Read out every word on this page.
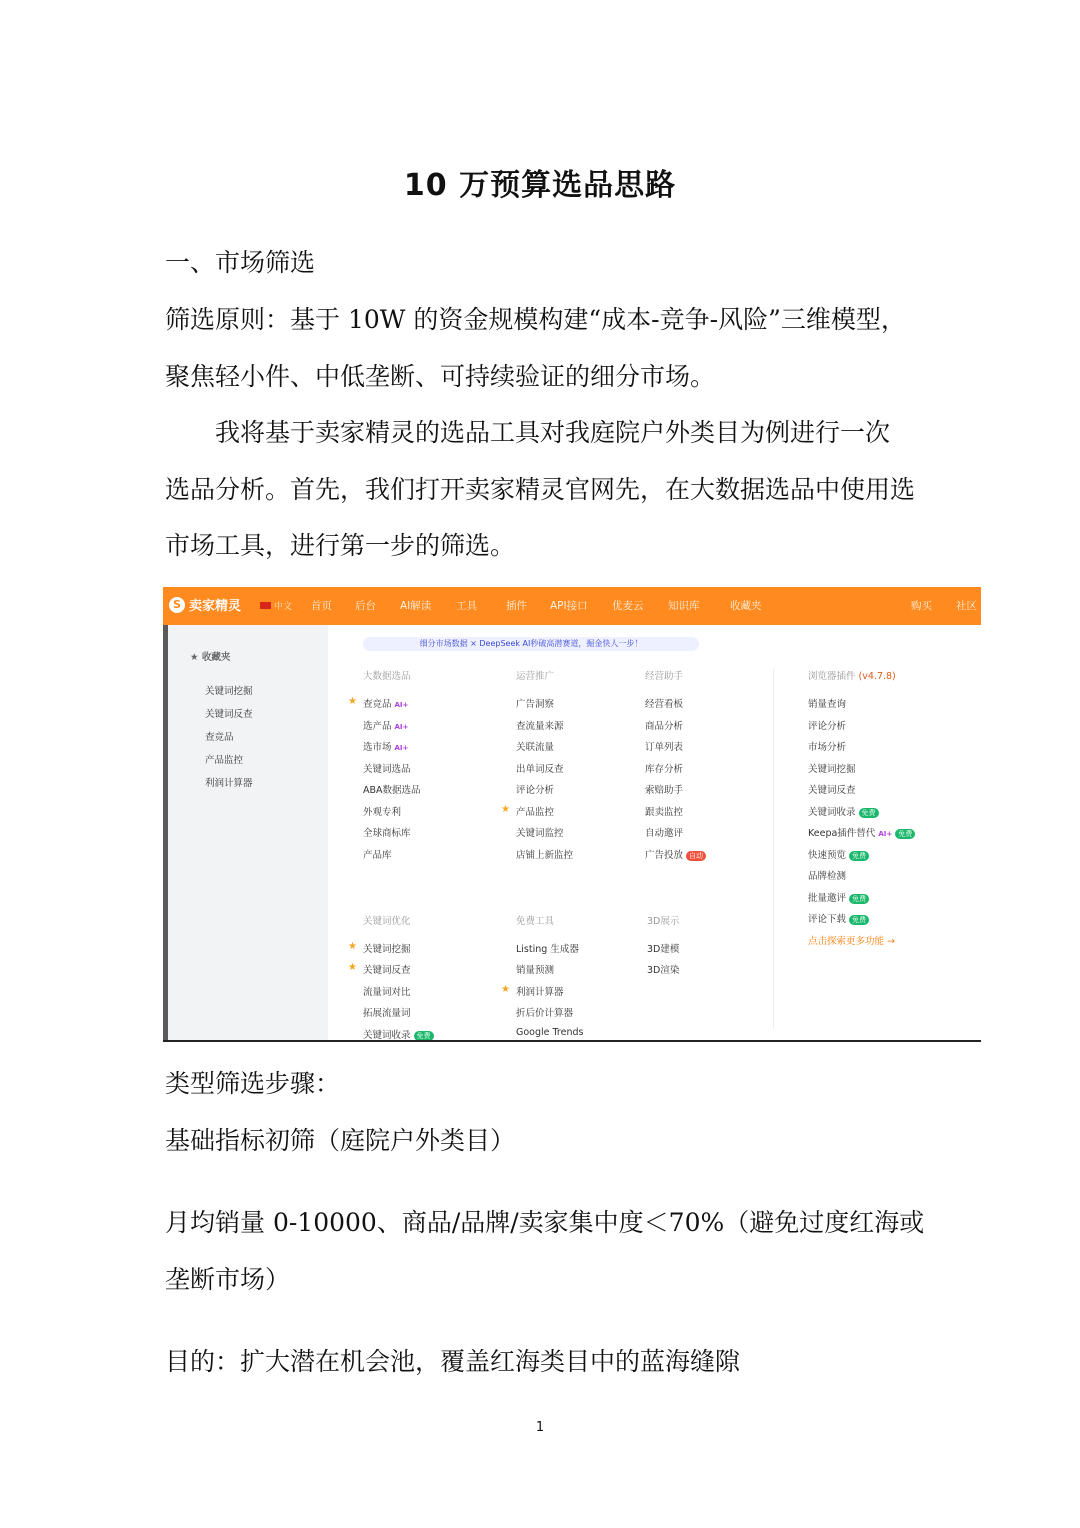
10 万预算选品思路
一、市场筛选
筛选原则：基于 10W 的资金规模构建“成本-竞争-风险”三维模型，
聚焦轻小件、中低垄断、可持续验证的细分市场。
我将基于卖家精灵的选品工具对我庭院户外类目为例进行一次
选品分析。首先，我们打开卖家精灵官网先，在大数据选品中使用选
市场工具，进行第一步的筛选。
S 卖家精灵	中文 首页 后台 AI解读 工具	插件 API接口 优麦云 知识库	收藏夹	购买 社区
★ 收藏夹
关键词挖掘
关键词反查
查竞品
产品监控
利润计算器
细分市场数据 × DeepSeek AI秒破高潜赛道，掘金快人一步！
大数据选品	运营推广	经营助手	浏览器插件 (v4.7.8)
★ 查竞品 AI+
选产品 AI+
选市场 AI+
关键词选品
ABA数据选品
外观专利
全球商标库
产品库
广告洞察
查流量来源
关联流量
出单词反查
评论分析
★ 产品监控
关键词监控
店铺上新监控
经营看板
商品分析
订单列表
库存分析
索赔助手
跟卖监控
自动邀评
广告投放 自动
销量查询
评论分析
市场分析
关键词挖掘
关键词反查
关键词收录 免费
Keepa插件替代 AI+ 免费
快速预览 免费
品牌检测
批量邀评 免费
评论下载 免费
点击探索更多功能 →
关键词优化	免费工具	3D展示
★ 关键词挖掘
★ 关键词反查
流量词对比
拓展流量词
关键词收录 免费
Listing 生成器
销量预测
★ 利润计算器
折后价计算器
Google Trends
3D建模
3D渲染
类型筛选步骤：
基础指标初筛（庭院户外类目）
月均销量 0-10000、商品/品牌/卖家集中度＜70%（避免过度红海或
垄断市场）
目的：扩大潜在机会池，覆盖红海类目中的蓝海缝隙
1
